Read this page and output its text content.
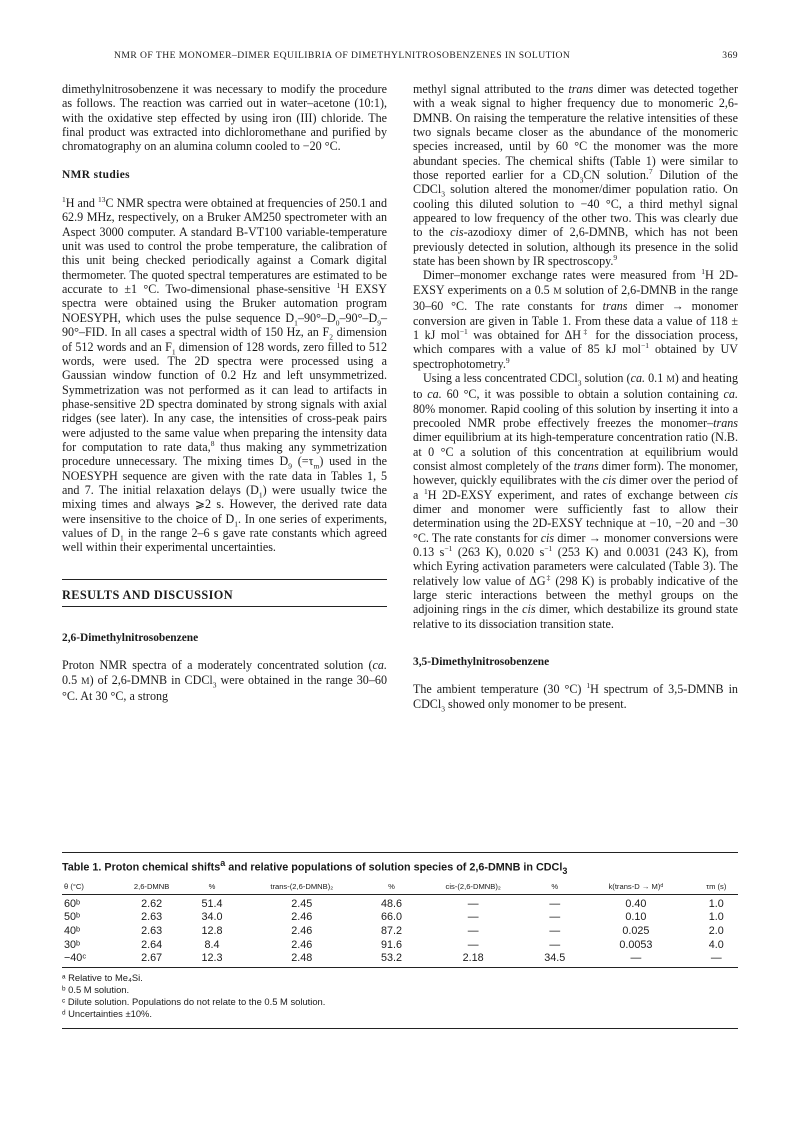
NMR OF THE MONOMER–DIMER EQUILIBRIA OF DIMETHYLNITROSOBENZENES IN SOLUTION	369

dimethylnitrosobenzene it was necessary to modify the procedure as follows. The reaction was carried out in water–acetone (10:1), with the oxidative step effected by using iron (III) chloride. The final product was extracted into dichloromethane and purified by chromatography on an alumina column cooled to −20 °C.

NMR studies

$^1$H and $^{13}$C NMR spectra were obtained at frequencies of 250.1 and 62.9 MHz, respectively, on a Bruker AM250 spectrometer with an Aspect 3000 computer. A standard B-VT100 variable-temperature unit was used to control the probe temperature, the calibration of this unit being checked periodically against a Comark digital thermometer. The quoted spectral temperatures are estimated to be accurate to ±1 °C. Two-dimensional phase-sensitive $^1$H EXSY spectra were obtained using the Bruker automation program NOESYPH, which uses the pulse sequence $D_1-90^\circ-D_0-90^\circ-D_9-90^\circ$–FID. In all cases a spectral width of 150 Hz, an $F_2$ dimension of 512 words and an $F_1$ dimension of 128 words, zero filled to 512 words, were used. The 2D spectra were processed using a Gaussian window function of 0.2 Hz and left unsymmetrized. Symmetrization was not performed as it can lead to artifacts in phase-sensitive 2D spectra dominated by strong signals with axial ridges (see later). In any case, the intensities of cross-peak pairs were adjusted to the same value when preparing the intensity data for computation to rate data,$^8$ thus making any symmetrization procedure unnecessary. The mixing times $D_9$ $(=\tau_m)$ used in the NOESYPH sequence are given with the rate data in Tables 1, 5 and 7. The initial relaxation delays $(D_1)$ were usually twice the mixing times and always ⩾2 s. However, the derived rate data were insensitive to the choice of $D_1$. In one series of experiments, values of $D_1$ in the range 2–6 s gave rate constants which agreed well within their experimental uncertainties.

RESULTS AND DISCUSSION

2,6-Dimethylnitrosobenzene

Proton NMR spectra of a moderately concentrated solution (ca. 0.5 M) of 2,6-DMNB in CDCl$_3$ were obtained in the range 30–60 °C. At 30 °C, a strong

methyl signal attributed to the trans dimer was detected together with a weak signal to higher frequency due to monomeric 2,6-DMNB. On raising the temperature the relative intensities of these two signals became closer as the abundance of the monomeric species increased, until by 60 °C the monomer was the more abundant species. The chemical shifts (Table 1) were similar to those reported earlier for a $CD_3CN$ solution.$^7$ Dilution of the CDCl$_3$ solution altered the monomer/dimer population ratio. On cooling this diluted solution to −40 °C, a third methyl signal appeared to low frequency of the other two. This was clearly due to the cis-azodioxy dimer of 2,6-DMNB, which has not been previously detected in solution, although its presence in the solid state has been shown by IR spectroscopy.$^9$

Dimer–monomer exchange rates were measured from $^1$H 2D-EXSY experiments on a 0.5 M solution of 2,6-DMNB in the range 30–60 °C. The rate constants for trans dimer → monomer conversion are given in Table 1. From these data a value of 118 ± 1 kJ mol$^{-1}$ was obtained for ΔH‡ for the dissociation process, which compares with a value of 85 kJ mol$^{-1}$ obtained by UV spectrophotometry.$^9$

Using a less concentrated CDCl$_3$ solution (ca. 0.1 M) and heating to ca. 60 °C, it was possible to obtain a solution containing ca. 80% monomer. Rapid cooling of this solution by inserting it into a precooled NMR probe effectively freezes the monomer–trans dimer equilibrium at its high-temperature concentration ratio (N.B. at 0 °C a solution of this concentration at equilibrium would consist almost completely of the trans dimer form). The monomer, however, quickly equilibrates with the cis dimer over the period of a $^1$H 2D-EXSY experiment, and rates of exchange between cis dimer and monomer were sufficiently fast to allow their determination using the 2D-EXSY technique at −10, −20 and −30 °C. The rate constants for cis dimer → monomer conversions were 0.13 $s^{-1}$ (263 K), 0.020 $s^{-1}$ (253 K) and 0.0031 (243 K), from which Eyring activation parameters were calculated (Table 3). The relatively low value of ΔG‡ (298 K) is probably indicative of the large steric interactions between the methyl groups on the adjoining rings in the cis dimer, which destabilize its ground state relative to its dissociation transition state.

3,5-Dimethylnitrosobenzene

The ambient temperature (30 °C) $^1$H spectrum of 3,5-DMNB in CDCl$_3$ showed only monomer to be present.

Table 1. Proton chemical shifts$^a$ and relative populations of solution species of 2,6-DMNB in CDCl$_3$

θ (°C)	2,6-DMNB	%	trans-(2,6-DMNB)₂	%	cis-(2,6-DMNB)₂	%	k(trans-D → M)ᵈ	τm (s)
60ᵇ	2.62	51.4	2.45	48.6	—	—	0.40	1.0
50ᵇ	2.63	34.0	2.46	66.0	—	—	0.10	1.0
40ᵇ	2.63	12.8	2.46	87.2	—	—	0.025	2.0
30ᵇ	2.64	8.4	2.46	91.6	—	—	0.0053	4.0
−40ᶜ	2.67	12.3	2.48	53.2	2.18	34.5	—	—
ᵃ Relative to Me₄Si.
ᵇ 0.5 M solution.
ᶜ Dilute solution. Populations do not relate to the 0.5 M solution.
ᵈ Uncertainties ±10%.
